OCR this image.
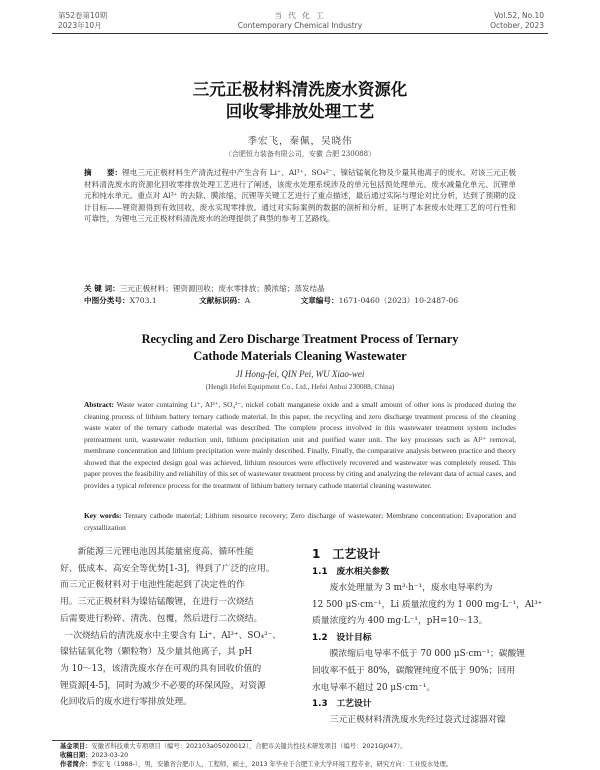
第52卷第10期
2023年10月
当 代 化 工
Contemporary Chemical Industry
Vol.52, No.10
October, 2023
三元正极材料清洗废水资源化
回收零排放处理工艺
季宏飞，秦佩，吴晓伟
（合肥恒力装备有限公司，安徽 合肥 230088）
摘　　要：锂电三元正极材料生产清洗过程中产生含有 Li⁺、Al³⁺、SO₄²⁻、镍钴锰氧化物及少量其他离子的废水。对该三元正极材料清洗废水的资源化回收零排放处理工艺进行了阐述，该废水处理系统涉及的单元包括预处理单元、废水减量化单元、沉锂单元和纯水单元。重点对 Al³⁺ 的去除、膜浓缩、沉锂等关键工艺进行了重点描述，最后通过实际与理论对比分析，达到了预期的设计目标——锂资源得到有效回收、废水实现零排放。通过对实际案例的数据的剖析和分析，证明了本套废水处理工艺的可行性和可靠性，为锂电三元正极材料清洗废水的治理提供了典型的参考工艺路线。
关 键 词：三元正极材料；锂资源回收；废水零排放；膜浓缩；蒸发结晶
中图分类号：X703.1	文献标识码：A	文章编号：1671-0460（2023）10-2487-06
Recycling and Zero Discharge Treatment Process of Ternary
Cathode Materials Cleaning Wastewater
JI Hong-fei, QIN Pei, WU Xiao-wei
(Hengli Hefei Equipment Co., Ltd., Hefei Anhui 230088, China)
Abstract: Waste water containing Li⁺, Al³⁺, SO₄²⁻, nickel cobalt manganese oxide and a small amount of other ions is produced during the cleaning process of lithium battery ternary cathode material. In this paper, the recycling and zero discharge treatment process of the cleaning waste water of the ternary cathode material was described. The complete process involved in this wastewater treatment system includes pretreatment unit, wastewater reduction unit, lithium precipitation unit and purified water unit. The key processes such as Al³⁺ removal, membrane concentration and lithium precipitation were mainly described. Finally, Finally, the comparative analysis between practice and theory showed that the expected design goal was achieved, lithium resources were effectively recovered and wastewater was completely reused. This paper proves the feasibility and reliability of this set of wastewater treatment process by citing and analyzing the relevant data of actual cases, and provides a typical reference process for the treatment of lithium battery ternary cathode material cleaning wastewater.
Key words: Ternary cathode material; Lithium resource recovery; Zero discharge of wastewater; Membrane concentration; Evaporation and crystallization
新能源三元锂电池因其能量密度高、循环性能
好、低成本、高安全等优势[1-3]，得到了广泛的应用。
而三元正极材料对于电池性能起到了决定性的作
用。三元正极材料为镍钴锰酸锂，在进行一次烧结
后需要进行粉碎、清洗、包覆，然后进行二次烧结。
一次烧结后的清洗废水中主要含有 Li⁺、Al³⁺、SO₄²⁻、
镍钴锰氧化物（颗粒物）及少量其他离子，其 pH
为 10～13，该清洗废水存在可观的具有回收价值的
锂资源[4-5]，同时为减少不必要的环保风险，对资源
化回收后的废水进行零排放处理。
1　工艺设计
1.1　废水相关参数
废水处理量为 3 m³·h⁻¹，废水电导率约为
12 500 μS·cm⁻¹，Li 质量浓度约为 1 000 mg·L⁻¹，Al³⁺
质量浓度约为 400 mg·L⁻¹，pH=10～13。
1.2　设计目标
膜浓缩后电导率不低于 70 000 μS·cm⁻¹；碳酸锂
回收率不低于 80%，碳酸锂纯度不低于 90%；回用
水电导率不超过 20 μS·cm⁻¹。
1.3　工艺设计
三元正极材料清洗废水先经过袋式过滤器对镍
基金项目：安徽省科技重大专项项目（编号：202103a05020012），合肥市关键共性技术研发项目（编号：2021GJ047）。
收稿日期：2023-03-20
作者简介：季宏飞（1988-），男，安徽省合肥市人，工程师，硕士，2013 年毕业于合肥工业大学环境工程专业，研究方向：工业废水处理。
